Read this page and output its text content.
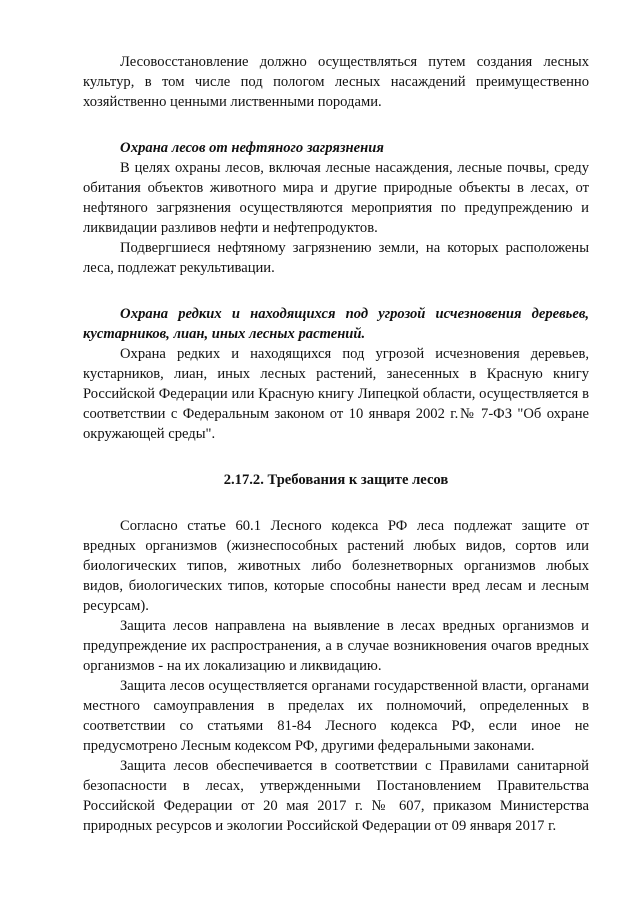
Лесовосстановление должно осуществляться путем создания лесных культур, в том числе под пологом лесных насаждений преимущественно хозяйственно ценными лиственными породами.

Охрана лесов от нефтяного загрязнения

В целях охраны лесов, включая лесные насаждения, лесные почвы, среду обитания объектов животного мира и другие природные объекты в лесах, от нефтяного загрязнения осуществляются мероприятия по предупреждению и ликвидации разливов нефти и нефтепродуктов.

Подвергшиеся нефтяному загрязнению земли, на которых расположены леса, подлежат рекультивации.

Охрана редких и находящихся под угрозой исчезновения деревьев, кустарников, лиан, иных лесных растений.

Охрана редких и находящихся под угрозой исчезновения деревьев, кустарников, лиан, иных лесных растений, занесенных в Красную книгу Российской Федерации или Красную книгу Липецкой области, осуществляется в соответствии с Федеральным законом от 10 января 2002 г.№ 7-ФЗ "Об охране окружающей среды".

2.17.2. Требования к защите лесов

Согласно статье 60.1 Лесного кодекса РФ леса подлежат защите от вредных организмов (жизнеспособных растений любых видов, сортов или биологических типов, животных либо болезнетворных организмов любых видов, биологических типов, которые способны нанести вред лесам и лесным ресурсам).

Защита лесов направлена на выявление в лесах вредных организмов и предупреждение их распространения, а в случае возникновения очагов вредных организмов - на их локализацию и ликвидацию.

Защита лесов осуществляется органами государственной власти, органами местного самоуправления в пределах их полномочий, определенных в соответствии со статьями 81-84 Лесного кодекса РФ, если иное не предусмотрено Лесным кодексом РФ, другими федеральными законами.

Защита лесов обеспечивается в соответствии с Правилами санитарной безопасности в лесах, утвержденными Постановлением Правительства Российской Федерации от 20 мая 2017 г. № 607, приказом Министерства природных ресурсов и экологии Российской Федерации от 09 января 2017 г.
